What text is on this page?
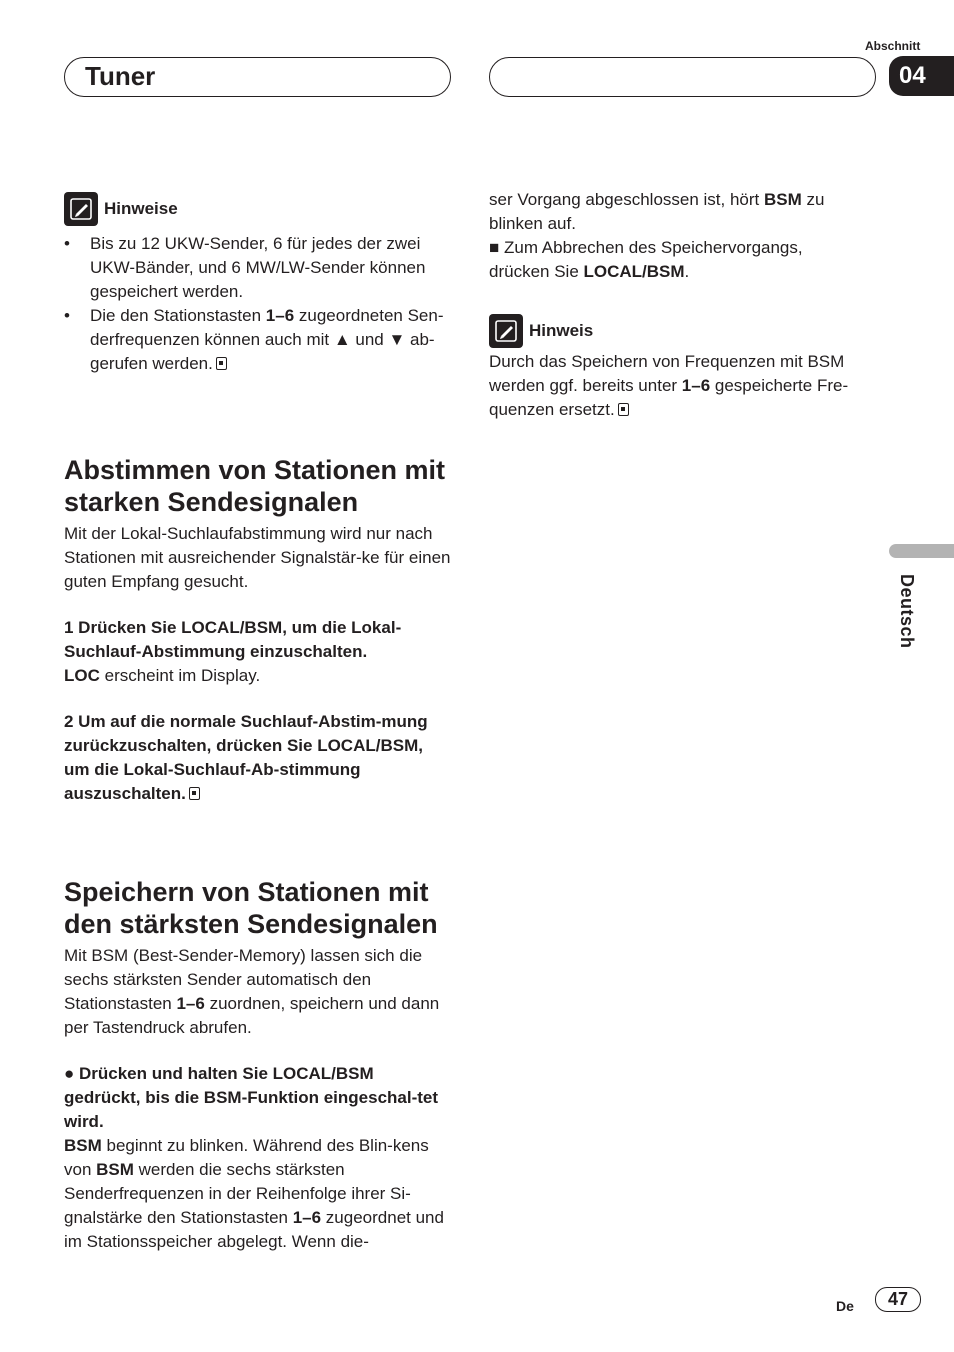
Tuner
Abschnitt
04
Hinweise
• Bis zu 12 UKW-Sender, 6 für jedes der zwei UKW-Bänder, und 6 MW/LW-Sender können gespeichert werden.
• Die den Stationstasten 1–6 zugeordneten Sen-derfrequenzen können auch mit ▲ und ▼ ab-gerufen werden.
Abstimmen von Stationen mit starken Sendesignalen

Mit der Lokal-Suchlaufabstimmung wird nur nach Stationen mit ausreichender Signalstär-ke für einen guten Empfang gesucht.

1 Drücken Sie LOCAL/BSM, um die Lokal-Suchlauf-Abstimmung einzuschalten.

LOC erscheint im Display.

2 Um auf die normale Suchlauf-Abstim-mung zurückzuschalten, drücken Sie LOCAL/BSM, um die Lokal-Suchlauf-Ab-stimmung auszuschalten.

Speichern von Stationen mit den stärksten Sendesignalen

Mit BSM (Best-Sender-Memory) lassen sich die sechs stärksten Sender automatisch den Stationstasten 1–6 zuordnen, speichern und dann per Tastendruck abrufen.

● Drücken und halten Sie LOCAL/BSM gedrückt, bis die BSM-Funktion eingeschal-tet wird.

BSM beginnt zu blinken. Während des Blin-kens von BSM werden die sechs stärksten Senderfrequenzen in der Reihenfolge ihrer Si-gnalstärke den Stationstasten 1–6 zugeordnet und im Stationsspeicher abgelegt. Wenn die-

ser Vorgang abgeschlossen ist, hört BSM zu blinken auf.

■ Zum Abbrechen des Speichervorgangs, drücken Sie LOCAL/BSM.

Hinweis

Durch das Speichern von Frequenzen mit BSM werden ggf. bereits unter 1–6 gespeicherte Fre-quenzen ersetzt.

Deutsch
De	47
